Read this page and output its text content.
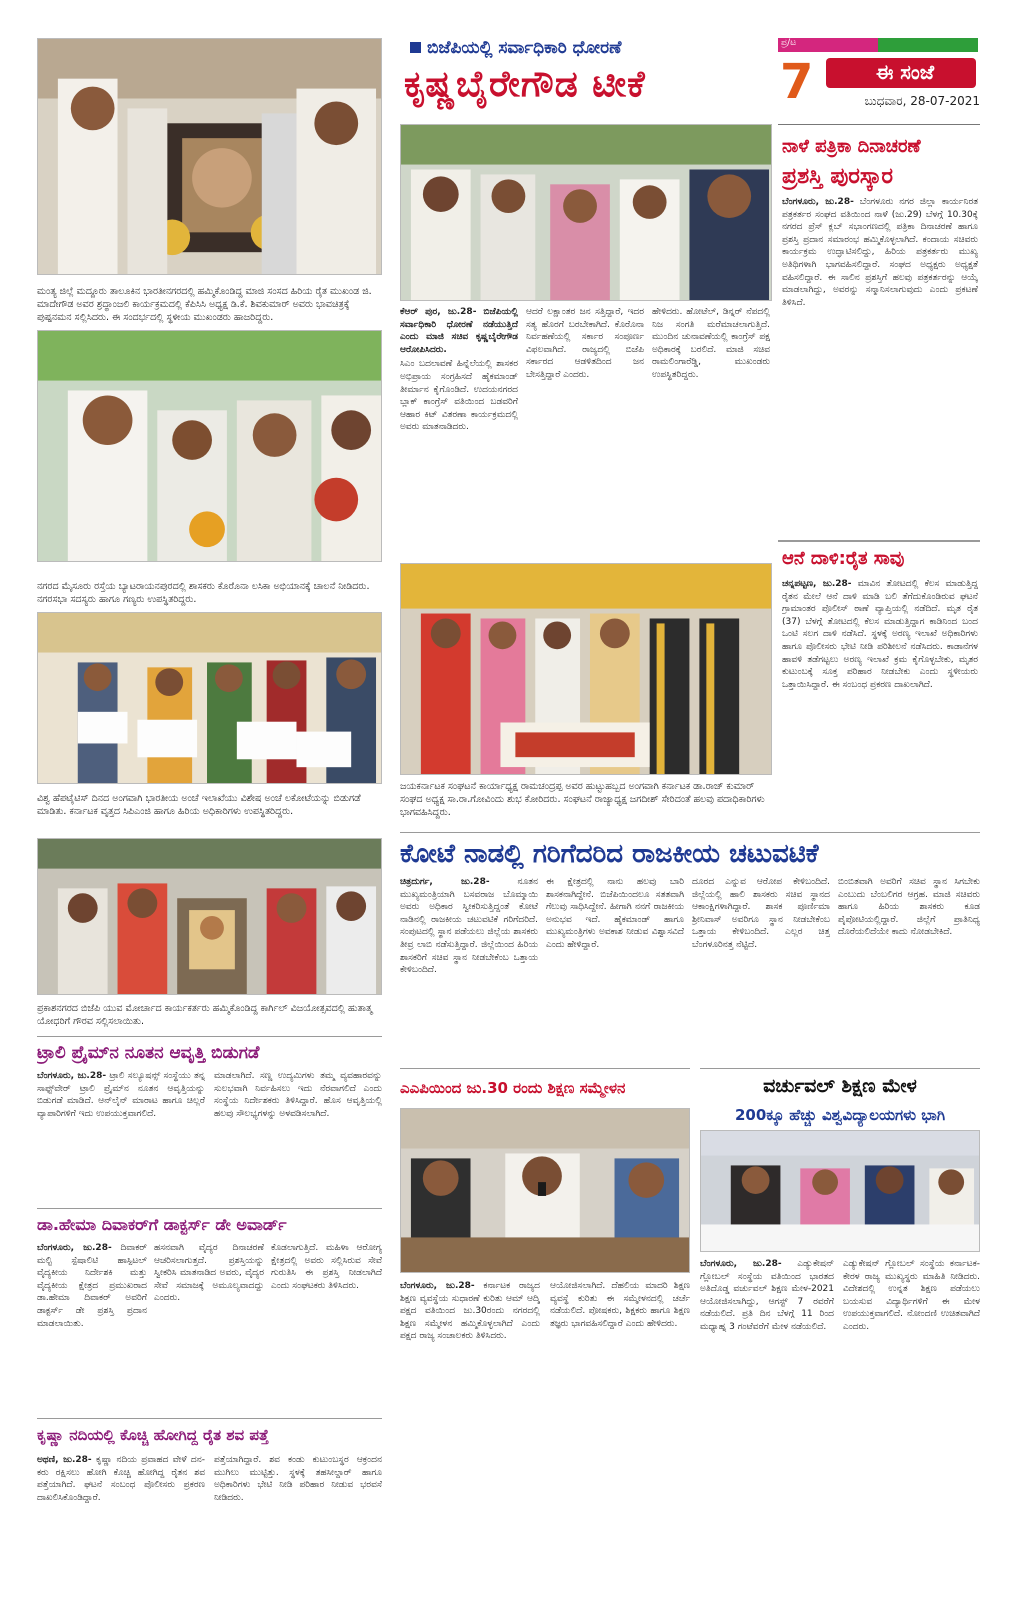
ಬಿಜೆಪಿಯಲ್ಲಿ ಸರ್ವಾಧಿಕಾರಿ ಧೋರಣೆ
ಕೃಷ್ಣಬೈರೇಗೌಡ ಟೀಕೆ
ಪ್ರ/ಟ
7	ಈ ಸಂಜೆ
ಬುಧವಾರ, 28-07-2021
ಮಂತ್ಯ ಜಿಲ್ಲೆ ಮದ್ದೂರು ತಾಲೂಕಿನ ಭಾರತೀನಗರದಲ್ಲಿ ಹಮ್ಮಿಕೊಂಡಿದ್ದ ಮಾಜಿ ಸಂಸದ ಹಿರಿಯ ರೈತ ಮುಖಂಡ ಜಿ. ಮಾದೇಗೌಡ ಅವರ ಶ್ರದ್ಧಾಂಜಲಿ ಕಾರ್ಯಕ್ರಮದಲ್ಲಿ ಕೆಪಿಸಿಸಿ ಅಧ್ಯಕ್ಷ ಡಿ.ಕೆ. ಶಿವಕುಮಾರ್ ಅವರು ಭಾವಚಿತ್ರಕ್ಕೆ ಪುಷ್ಪನಮನ ಸಲ್ಲಿಸಿದರು. ಈ ಸಂದರ್ಭದಲ್ಲಿ ಸ್ಥಳೀಯ ಮುಖಂಡರು ಹಾಜರಿದ್ದರು.
ನಗರದ ಮೈಸೂರು ರಸ್ತೆಯ ಬ್ಯಾಟರಾಯನಪುರದಲ್ಲಿ ಶಾಸಕರು ಕೊರೊನಾ ಲಸಿಕಾ ಅಭಿಯಾನಕ್ಕೆ ಚಾಲನೆ ನೀಡಿದರು. ನಗರಸಭಾ ಸದಸ್ಯರು ಹಾಗೂ ಗಣ್ಯರು ಉಪಸ್ಥಿತರಿದ್ದರು.
ವಿಶ್ವ ಹೆಪಟೈಟಿಸ್ ದಿನದ ಅಂಗವಾಗಿ ಭಾರತೀಯ ಅಂಚೆ ಇಲಾಖೆಯು ವಿಶೇಷ ಅಂಚೆ ಲಕೋಟೆಯನ್ನು ಬಿಡುಗಡೆ ಮಾಡಿತು. ಕರ್ನಾಟಕ ವೃತ್ತದ ಸಿಪಿಎಂಜಿ ಹಾಗೂ ಹಿರಿಯ ಅಧಿಕಾರಿಗಳು ಉಪಸ್ಥಿತರಿದ್ದರು.
ಪ್ರಕಾಶನಗರದ ಬಿಜೆಪಿ ಯುವ ಮೋರ್ಚಾದ ಕಾರ್ಯಕರ್ತರು ಹಮ್ಮಿಕೊಂಡಿದ್ದ ಕಾರ್ಗಿಲ್ ವಿಜಯೋತ್ಸವದಲ್ಲಿ ಹುತಾತ್ಮ ಯೋಧರಿಗೆ ಗೌರವ ಸಲ್ಲಿಸಲಾಯಿತು.

ಕೆಆರ್ ಪುರ, ಜು.28- ಬಿಜೆಪಿಯಲ್ಲಿ ಸರ್ವಾಧಿಕಾರಿ ಧೋರಣೆ ನಡೆಯುತ್ತಿದೆ ಎಂದು ಮಾಜಿ ಸಚಿವ ಕೃಷ್ಣಬೈರೇಗೌಡ ಆರೋಪಿಸಿದರು.

ಸಿಎಂ ಬದಲಾವಣೆ ಹಿನ್ನೆಲೆಯಲ್ಲಿ ಶಾಸಕರ ಅಭಿಪ್ರಾಯ ಸಂಗ್ರಹಿಸದೆ ಹೈಕಮಾಂಡ್ ತೀರ್ಮಾನ ಕೈಗೊಂಡಿದೆ. ಉದಯನಗರದ ಬ್ಲಾಕ್ ಕಾಂಗ್ರೆಸ್ ವತಿಯಿಂದ ಬಡವರಿಗೆ ಆಹಾರ ಕಿಟ್ ವಿತರಣಾ ಕಾರ್ಯಕ್ರಮದಲ್ಲಿ ಅವರು ಮಾತನಾಡಿದರು.

ಆದರೆ ಲಕ್ಷಾಂತರ ಜನ ಸತ್ತಿದ್ದಾರೆ, ಇದರ ಸತ್ಯ ಹೊರಗೆ ಬರಬೇಕಾಗಿದೆ. ಕೊರೊನಾ ನಿರ್ವಹಣೆಯಲ್ಲಿ ಸರ್ಕಾರ ಸಂಪೂರ್ಣ ವಿಫಲವಾಗಿದೆ. ರಾಜ್ಯದಲ್ಲಿ ಬಿಜೆಪಿ ಸರ್ಕಾರದ ಆಡಳಿತದಿಂದ ಜನ ಬೇಸತ್ತಿದ್ದಾರೆ ಎಂದರು.
ಹೇಳಿದರು. ಹೋಟೆಲ್, ಡಿನ್ನರ್ ನೆಪದಲ್ಲಿ ನಿಜ ಸಂಗತಿ ಮರೆಮಾಚಲಾಗುತ್ತಿದೆ. ಮುಂದಿನ ಚುನಾವಣೆಯಲ್ಲಿ ಕಾಂಗ್ರೆಸ್ ಪಕ್ಷ ಅಧಿಕಾರಕ್ಕೆ ಬರಲಿದೆ. ಮಾಜಿ ಸಚಿವ ರಾಮಲಿಂಗಾರೆಡ್ಡಿ, ಮುಖಂಡರು ಉಪಸ್ಥಿತರಿದ್ದರು.
ಜಯಕರ್ನಾಟಕ ಸಂಘಟನೆ ಕಾರ್ಯಾಧ್ಯಕ್ಷ ರಾಮಚಂದ್ರಪ್ಪ ಅವರ ಹುಟ್ಟುಹಬ್ಬದ ಅಂಗವಾಗಿ ಕರ್ನಾಟಕ ಡಾ.ರಾಜ್ ಕುಮಾರ್ ಸಂಘದ ಅಧ್ಯಕ್ಷ ಸಾ.ರಾ.ಗೋವಿಂದು ಶುಭ ಕೋರಿದರು. ಸಂಘಟನೆ ರಾಜ್ಯಾಧ್ಯಕ್ಷ ಜಗದೀಶ್ ಸೇರಿದಂತೆ ಹಲವು ಪದಾಧಿಕಾರಿಗಳು ಭಾಗವಹಿಸಿದ್ದರು.
ನಾಳೆ ಪತ್ರಿಕಾ ದಿನಾಚರಣೆ
ಪ್ರಶಸ್ತಿ ಪುರಸ್ಕಾರ

ಬೆಂಗಳೂರು, ಜು.28- ಬೆಂಗಳೂರು ನಗರ ಜಿಲ್ಲಾ ಕಾರ್ಯನಿರತ ಪತ್ರಕರ್ತರ ಸಂಘದ ವತಿಯಿಂದ ನಾಳೆ (ಜು.29) ಬೆಳಗ್ಗೆ 10.30ಕ್ಕೆ ನಗರದ ಪ್ರೆಸ್ ಕ್ಲಬ್ ಸಭಾಂಗಣದಲ್ಲಿ ಪತ್ರಿಕಾ ದಿನಾಚರಣೆ ಹಾಗೂ ಪ್ರಶಸ್ತಿ ಪ್ರದಾನ ಸಮಾರಂಭ ಹಮ್ಮಿಕೊಳ್ಳಲಾಗಿದೆ. ಕಂದಾಯ ಸಚಿವರು ಕಾರ್ಯಕ್ರಮ ಉದ್ಘಾಟಿಸಲಿದ್ದು, ಹಿರಿಯ ಪತ್ರಕರ್ತರು ಮುಖ್ಯ ಅತಿಥಿಗಳಾಗಿ ಭಾಗವಹಿಸಲಿದ್ದಾರೆ. ಸಂಘದ ಅಧ್ಯಕ್ಷರು ಅಧ್ಯಕ್ಷತೆ ವಹಿಸಲಿದ್ದಾರೆ. ಈ ಸಾಲಿನ ಪ್ರಶಸ್ತಿಗೆ ಹಲವು ಪತ್ರಕರ್ತರನ್ನು ಆಯ್ಕೆ ಮಾಡಲಾಗಿದ್ದು, ಅವರನ್ನು ಸನ್ಮಾನಿಸಲಾಗುವುದು ಎಂದು ಪ್ರಕಟಣೆ ತಿಳಿಸಿದೆ.

ಆನೆ ದಾಳಿ:ರೈತ ಸಾವು

ಚನ್ನಪಟ್ಟಣ, ಜು.28- ಮಾವಿನ ತೋಟದಲ್ಲಿ ಕೆಲಸ ಮಾಡುತ್ತಿದ್ದ ರೈತನ ಮೇಲೆ ಆನೆ ದಾಳಿ ಮಾಡಿ ಬಲಿ ತೆಗೆದುಕೊಂಡಿರುವ ಘಟನೆ ಗ್ರಾಮಾಂತರ ಪೊಲೀಸ್ ಠಾಣೆ ವ್ಯಾಪ್ತಿಯಲ್ಲಿ ನಡೆದಿದೆ. ಮೃತ ರೈತ (37) ಬೆಳಗ್ಗೆ ತೋಟದಲ್ಲಿ ಕೆಲಸ ಮಾಡುತ್ತಿದ್ದಾಗ ಕಾಡಿನಿಂದ ಬಂದ ಒಂಟಿ ಸಲಗ ದಾಳಿ ನಡೆಸಿದೆ. ಸ್ಥಳಕ್ಕೆ ಅರಣ್ಯ ಇಲಾಖೆ ಅಧಿಕಾರಿಗಳು ಹಾಗೂ ಪೊಲೀಸರು ಭೇಟಿ ನೀಡಿ ಪರಿಶೀಲನೆ ನಡೆಸಿದರು. ಕಾಡಾನೆಗಳ ಹಾವಳಿ ತಡೆಗಟ್ಟಲು ಅರಣ್ಯ ಇಲಾಖೆ ಕ್ರಮ ಕೈಗೊಳ್ಳಬೇಕು, ಮೃತರ ಕುಟುಂಬಕ್ಕೆ ಸೂಕ್ತ ಪರಿಹಾರ ನೀಡಬೇಕು ಎಂದು ಸ್ಥಳೀಯರು ಒತ್ತಾಯಿಸಿದ್ದಾರೆ. ಈ ಸಂಬಂಧ ಪ್ರಕರಣ ದಾಖಲಾಗಿದೆ.

ಕೋಟೆ ನಾಡಲ್ಲಿ ಗರಿಗೆದರಿದ ರಾಜಕೀಯ ಚಟುವಟಿಕೆ

ಚಿತ್ರದುರ್ಗ, ಜು.28-	ನೂತನ ಮುಖ್ಯಮಂತ್ರಿಯಾಗಿ ಬಸವರಾಜ ಬೊಮ್ಮಾಯಿ ಅವರು ಅಧಿಕಾರ ಸ್ವೀಕರಿಸುತ್ತಿದ್ದಂತೆ ಕೋಟೆ ನಾಡಿನಲ್ಲಿ ರಾಜಕೀಯ ಚಟುವಟಿಕೆ ಗರಿಗೆದರಿದೆ. ಸಂಪುಟದಲ್ಲಿ ಸ್ಥಾನ ಪಡೆಯಲು ಜಿಲ್ಲೆಯ ಶಾಸಕರು ತೀವ್ರ ಲಾಬಿ ನಡೆಸುತ್ತಿದ್ದಾರೆ. ಜಿಲ್ಲೆಯಿಂದ ಹಿರಿಯ ಶಾಸಕರಿಗೆ ಸಚಿವ ಸ್ಥಾನ ನೀಡಬೇಕೆಂಬ ಒತ್ತಾಯ ಕೇಳಿಬಂದಿದೆ.

ಈ ಕ್ಷೇತ್ರದಲ್ಲಿ ನಾನು ಹಲವು ಬಾರಿ ಶಾಸಕನಾಗಿದ್ದೇನೆ. ಬಿಜೆಪಿಯಿಂದಲೂ ಸತತವಾಗಿ ಗೆಲುವು ಸಾಧಿಸಿದ್ದೇನೆ. ಹೀಗಾಗಿ ನನಗೆ ರಾಜಕೀಯ ಅನುಭವ ಇದೆ. ಹೈಕಮಾಂಡ್ ಹಾಗೂ ಮುಖ್ಯಮಂತ್ರಿಗಳು ಅವಕಾಶ ನೀಡುವ ವಿಶ್ವಾಸವಿದೆ ಎಂದು ಹೇಳಿದ್ದಾರೆ.
ದೂರದ ಎನ್ನುವ ಆರೋಪ ಕೇಳಿಬಂದಿದೆ. ಜಿಲ್ಲೆಯಲ್ಲಿ ಹಾಲಿ ಶಾಸಕರು ಸಚಿವ ಸ್ಥಾನದ ಆಕಾಂಕ್ಷಿಗಳಾಗಿದ್ದಾರೆ. ಶಾಸಕ ಪೂರ್ಣಿಮಾ ಶ್ರೀನಿವಾಸ್ ಅವರಿಗೂ ಸ್ಥಾನ ನೀಡಬೇಕೆಂಬ ಒತ್ತಾಯ ಕೇಳಿಬಂದಿದೆ. ಎಲ್ಲರ ಚಿತ್ತ ಬೆಂಗಳೂರಿನತ್ತ ನೆಟ್ಟಿದೆ.
ಬಿಂಬಿತವಾಗಿ ಅವರಿಗೆ ಸಚಿವ ಸ್ಥಾನ ಸಿಗಬೇಕು ಎಂಬುದು ಬೆಂಬಲಿಗರ ಆಗ್ರಹ. ಮಾಜಿ ಸಚಿವರು ಹಾಗೂ ಹಿರಿಯ ಶಾಸಕರು ಕೂಡ ಪೈಪೋಟಿಯಲ್ಲಿದ್ದಾರೆ. ಜಿಲ್ಲೆಗೆ ಪ್ರಾತಿನಿಧ್ಯ ದೊರೆಯಲಿದೆಯೇ ಕಾದು ನೋಡಬೇಕಿದೆ.
ಟ್ರಾಲಿ ಪ್ರೈಮ್‌ನ ನೂತನ ಆವೃತ್ತಿ ಬಿಡುಗಡೆ

ಬೆಂಗಳೂರು, ಜು.28- ಟ್ರಾಲಿ ಸಲ್ಯೂಷನ್ಸ್ ಸಂಸ್ಥೆಯು ತನ್ನ ಸಾಫ್ಟ್‌ವೇರ್ ಟ್ರಾಲಿ ಪ್ರೈಮ್‌ನ ನೂತನ ಆವೃತ್ತಿಯನ್ನು ಬಿಡುಗಡೆ ಮಾಡಿದೆ. ಆನ್‌ಲೈನ್ ಮಾರಾಟ ಹಾಗೂ ಚಿಲ್ಲರೆ ವ್ಯಾಪಾರಿಗಳಿಗೆ ಇದು ಉಪಯುಕ್ತವಾಗಲಿದೆ.

ಮಾಡಲಾಗಿದೆ. ಸಣ್ಣ ಉದ್ಯಮಿಗಳು ತಮ್ಮ ವ್ಯವಹಾರವನ್ನು ಸುಲಭವಾಗಿ ನಿರ್ವಹಿಸಲು ಇದು ನೆರವಾಗಲಿದೆ ಎಂದು ಸಂಸ್ಥೆಯ ನಿರ್ದೇಶಕರು ತಿಳಿಸಿದ್ದಾರೆ. ಹೊಸ ಆವೃತ್ತಿಯಲ್ಲಿ ಹಲವು ಸೌಲಭ್ಯಗಳನ್ನು ಅಳವಡಿಸಲಾಗಿದೆ.
ಡಾ.ಹೇಮಾ ದಿವಾಕರ್‌ಗೆ ಡಾಕ್ಟರ್ಸ್ ಡೇ ಅವಾರ್ಡ್

ಬೆಂಗಳೂರು, ಜು.28- ದಿವಾಕರ್ ಮಲ್ಟಿ ಸ್ಪೆಷಾಲಿಟಿ ಹಾಸ್ಪಿಟಲ್ ವೈದ್ಯಕೀಯ ನಿರ್ದೇಶಕಿ ಮತ್ತು ವೈದ್ಯಕೀಯ ಕ್ಷೇತ್ರದ ಪ್ರಮುಖರಾದ ಡಾ.ಹೇಮಾ ದಿವಾಕರ್ ಅವರಿಗೆ ಡಾಕ್ಟರ್ಸ್ ಡೇ ಪ್ರಶಸ್ತಿ ಪ್ರದಾನ ಮಾಡಲಾಯಿತು.

ಹಸನವಾಗಿ ವೈದ್ಯರ ದಿನಾಚರಣೆ ಆಚರಿಸಲಾಗುತ್ತದೆ. ಪ್ರಶಸ್ತಿಯನ್ನು ಸ್ವೀಕರಿಸಿ ಮಾತನಾಡಿದ ಅವರು, ವೈದ್ಯರ ಸೇವೆ ಸಮಾಜಕ್ಕೆ ಅಮೂಲ್ಯವಾದದ್ದು ಎಂದರು.
ಕೊಡಲಾಗುತ್ತಿದೆ. ಮಹಿಳಾ ಆರೋಗ್ಯ ಕ್ಷೇತ್ರದಲ್ಲಿ ಅವರು ಸಲ್ಲಿಸಿರುವ ಸೇವೆ ಗುರುತಿಸಿ ಈ ಪ್ರಶಸ್ತಿ ನೀಡಲಾಗಿದೆ ಎಂದು ಸಂಘಟಕರು ತಿಳಿಸಿದರು.
ಕೃಷ್ಣಾ ನದಿಯಲ್ಲಿ ಕೊಚ್ಚಿ ಹೋಗಿದ್ದ ರೈತ ಶವ ಪತ್ತೆ

ಅಥಣಿ, ಜು.28- ಕೃಷ್ಣಾ ನದಿಯ ಪ್ರವಾಹದ ವೇಳೆ ದನ-ಕರು ರಕ್ಷಿಸಲು ಹೋಗಿ ಕೊಚ್ಚಿ ಹೋಗಿದ್ದ ರೈತನ ಶವ ಪತ್ತೆಯಾಗಿದೆ. ಘಟನೆ ಸಂಬಂಧ ಪೊಲೀಸರು ಪ್ರಕರಣ ದಾಖಲಿಸಿಕೊಂಡಿದ್ದಾರೆ.

ಪತ್ತೆಯಾಗಿದ್ದಾರೆ. ಶವ ಕಂಡು ಕುಟುಂಬಸ್ಥರ ಆಕ್ರಂದನ ಮುಗಿಲು ಮುಟ್ಟಿತ್ತು. ಸ್ಥಳಕ್ಕೆ ತಹಸೀಲ್ದಾರ್ ಹಾಗೂ ಅಧಿಕಾರಿಗಳು ಭೇಟಿ ನೀಡಿ ಪರಿಹಾರ ನೀಡುವ ಭರವಸೆ ನೀಡಿದರು.
ಎಎಪಿಯಿಂದ ಜು.30 ರಂದು ಶಿಕ್ಷಣ ಸಮ್ಮೇಳನ

ಬೆಂಗಳೂರು, ಜು.28- ಕರ್ನಾಟಕ ರಾಜ್ಯದ ಶಿಕ್ಷಣ ವ್ಯವಸ್ಥೆಯ ಸುಧಾರಣೆ ಕುರಿತು ಆಮ್ ಆದ್ಮಿ ಪಕ್ಷದ ವತಿಯಿಂದ ಜು.30ರಂದು ನಗರದಲ್ಲಿ ಶಿಕ್ಷಣ ಸಮ್ಮೇಳನ ಹಮ್ಮಿಕೊಳ್ಳಲಾಗಿದೆ ಎಂದು ಪಕ್ಷದ ರಾಜ್ಯ ಸಂಚಾಲಕರು ತಿಳಿಸಿದರು.

ಆಯೋಜಿಸಲಾಗಿದೆ. ದೆಹಲಿಯ ಮಾದರಿ ಶಿಕ್ಷಣ ವ್ಯವಸ್ಥೆ ಕುರಿತು ಈ ಸಮ್ಮೇಳನದಲ್ಲಿ ಚರ್ಚೆ ನಡೆಯಲಿದೆ. ಪೋಷಕರು, ಶಿಕ್ಷಕರು ಹಾಗೂ ಶಿಕ್ಷಣ ತಜ್ಞರು ಭಾಗವಹಿಸಲಿದ್ದಾರೆ ಎಂದು ಹೇಳಿದರು.
ವರ್ಚುವಲ್ ಶಿಕ್ಷಣ ಮೇಳ
200ಕ್ಕೂ ಹೆಚ್ಚು ವಿಶ್ವವಿದ್ಯಾಲಯಗಳು ಭಾಗಿ

ಬೆಂಗಳೂರು, ಜು.28- ಎಡ್ಯುಕೇಷನ್ ಗ್ಲೋಬಲ್ ಸಂಸ್ಥೆಯ ವತಿಯಿಂದ ಭಾರತದ ಅತಿದೊಡ್ಡ ವರ್ಚುವಲ್ ಶಿಕ್ಷಣ ಮೇಳ-2021 ಆಯೋಜಿಸಲಾಗಿದ್ದು, ಆಗಸ್ಟ್ 7 ರವರೆಗೆ ನಡೆಯಲಿದೆ. ಪ್ರತಿ ದಿನ ಬೆಳಗ್ಗೆ 11 ರಿಂದ ಮಧ್ಯಾಹ್ನ 3 ಗಂಟೆವರೆಗೆ ಮೇಳ ನಡೆಯಲಿದೆ.

ಎಡ್ಯುಕೇಷನ್ ಗ್ಲೋಬಲ್ ಸಂಸ್ಥೆಯ ಕರ್ನಾಟಕ-ಕೇರಳ ರಾಜ್ಯ ಮುಖ್ಯಸ್ಥರು ಮಾಹಿತಿ ನೀಡಿದರು. ವಿದೇಶದಲ್ಲಿ ಉನ್ನತ ಶಿಕ್ಷಣ ಪಡೆಯಲು ಬಯಸುವ ವಿದ್ಯಾರ್ಥಿಗಳಿಗೆ ಈ ಮೇಳ ಉಪಯುಕ್ತವಾಗಲಿದೆ. ನೋಂದಣಿ ಉಚಿತವಾಗಿದೆ ಎಂದರು.
